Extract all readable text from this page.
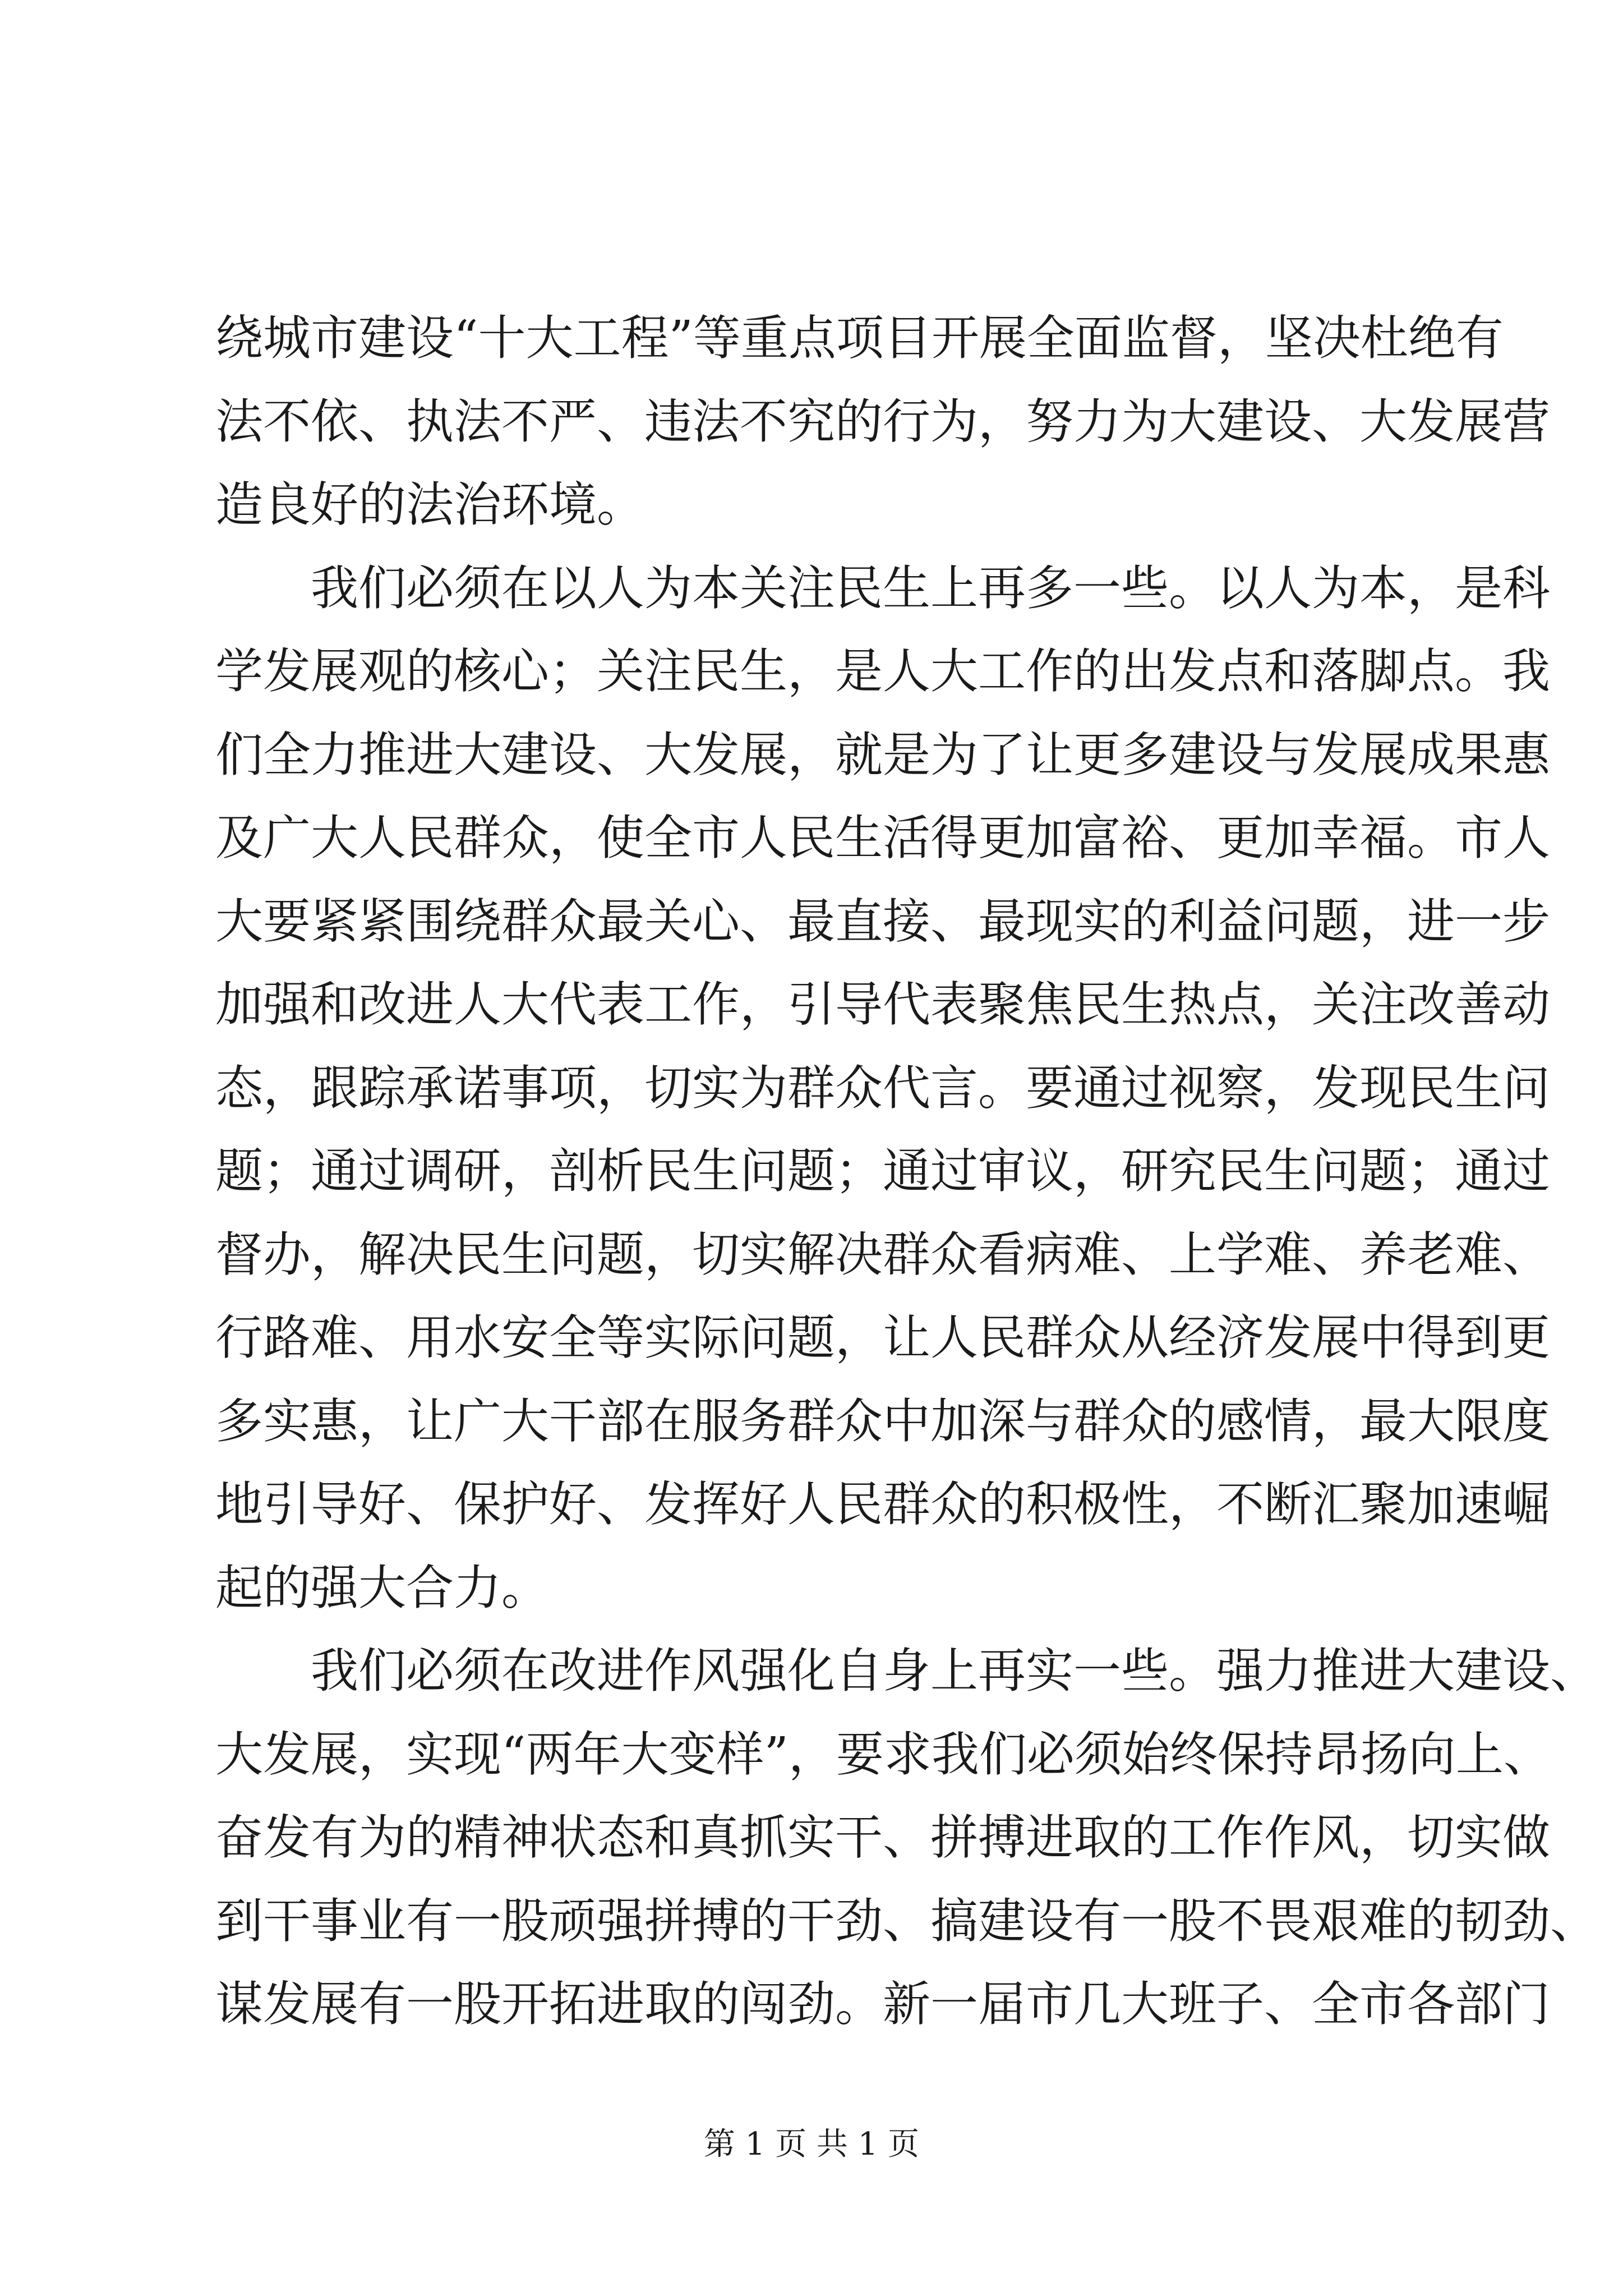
绕城市建设“十大工程”等重点项目开展全面监督，坚决杜绝有
法不依、执法不严、违法不究的行为，努力为大建设、大发展营
造良好的法治环境。
我们必须在以人为本关注民生上再多一些。以人为本，是科
学发展观的核心；关注民生，是人大工作的出发点和落脚点。我
们全力推进大建设、大发展，就是为了让更多建设与发展成果惠
及广大人民群众，使全市人民生活得更加富裕、更加幸福。市人
大要紧紧围绕群众最关心、最直接、最现实的利益问题，进一步
加强和改进人大代表工作，引导代表聚焦民生热点，关注改善动
态，跟踪承诺事项，切实为群众代言。要通过视察，发现民生问
题；通过调研，剖析民生问题；通过审议，研究民生问题；通过
督办，解决民生问题，切实解决群众看病难、上学难、养老难、
行路难、用水安全等实际问题，让人民群众从经济发展中得到更
多实惠，让广大干部在服务群众中加深与群众的感情，最大限度
地引导好、保护好、发挥好人民群众的积极性，不断汇聚加速崛
起的强大合力。
我们必须在改进作风强化自身上再实一些。强力推进大建设、
大发展，实现“两年大变样”，要求我们必须始终保持昂扬向上、
奋发有为的精神状态和真抓实干、拼搏进取的工作作风，切实做
到干事业有一股顽强拼搏的干劲、搞建设有一股不畏艰难的韧劲、
谋发展有一股开拓进取的闯劲。新一届市几大班子、全市各部门
第 1 页 共 1 页
